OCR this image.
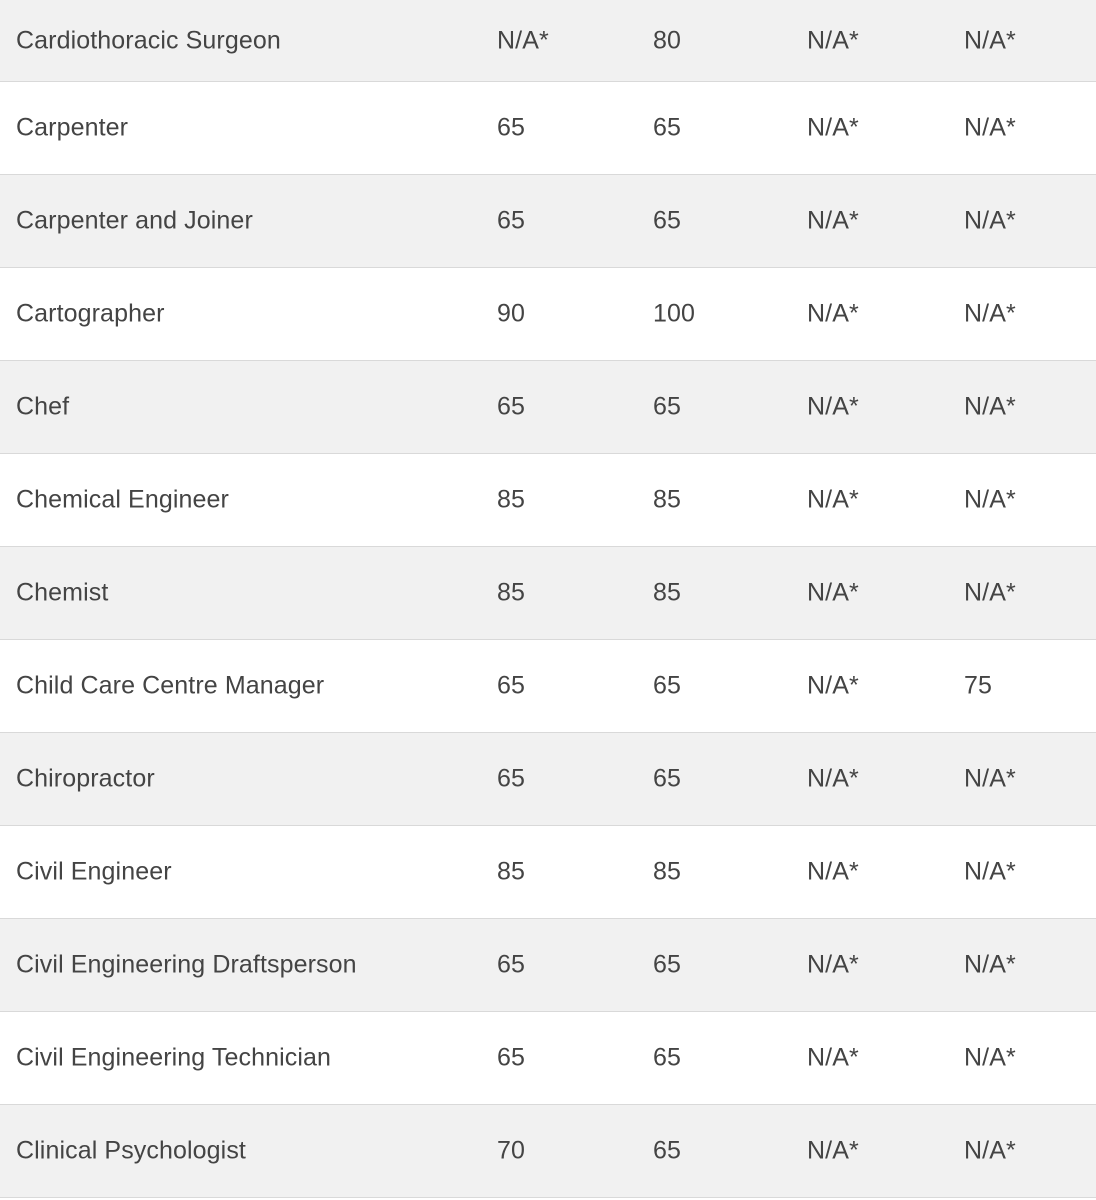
Cardiothoracic Surgeon	N/A*	80	N/A*	N/A*
Carpenter	65	65	N/A*	N/A*
Carpenter and Joiner	65	65	N/A*	N/A*
Cartographer	90	100	N/A*	N/A*
Chef	65	65	N/A*	N/A*
Chemical Engineer	85	85	N/A*	N/A*
Chemist	85	85	N/A*	N/A*
Child Care Centre Manager	65	65	N/A*	75
Chiropractor	65	65	N/A*	N/A*
Civil Engineer	85	85	N/A*	N/A*
Civil Engineering Draftsperson	65	65	N/A*	N/A*
Civil Engineering Technician	65	65	N/A*	N/A*
Clinical Psychologist	70	65	N/A*	N/A*
